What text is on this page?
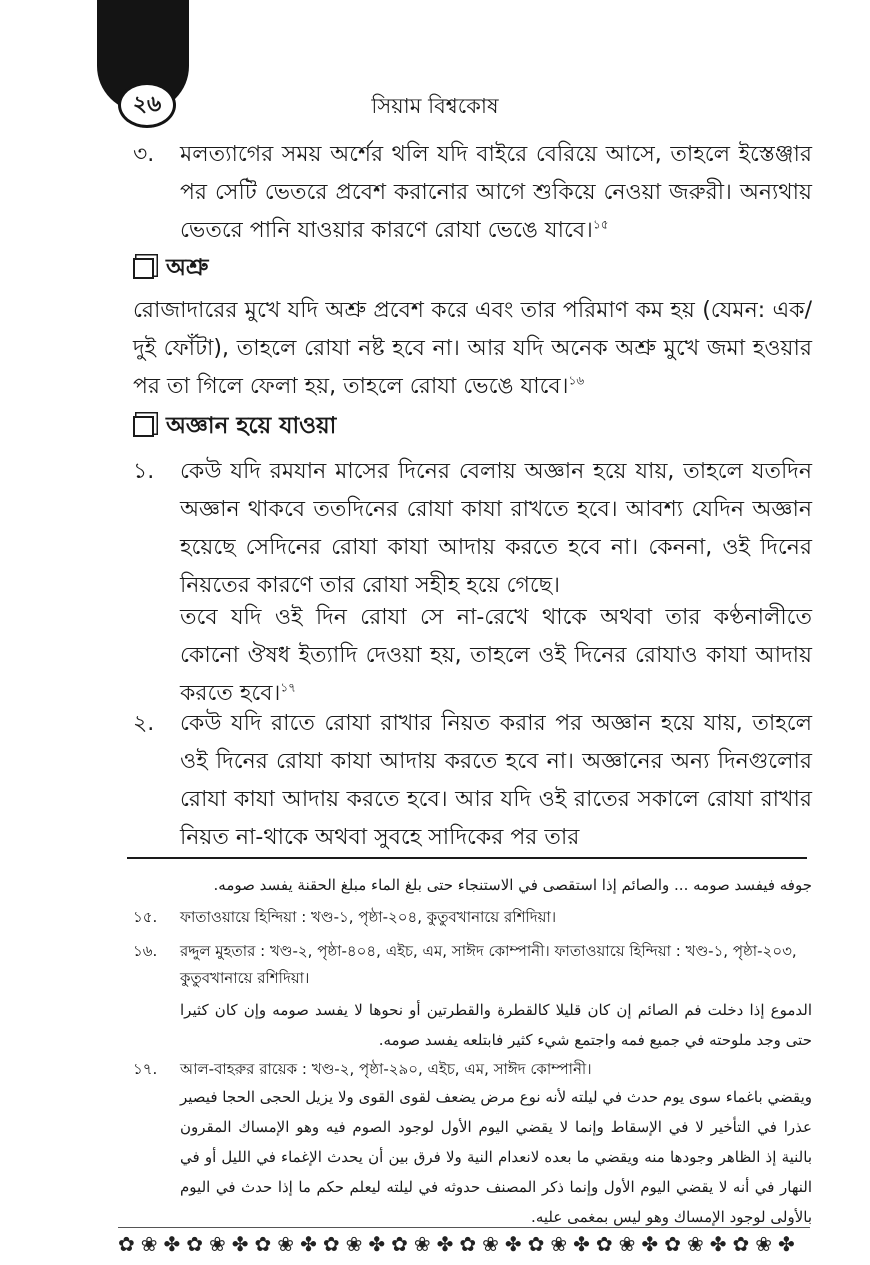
২৬	সিয়াম বিশ্বকোষ
৩. মলত্যাগের সময় অর্শের থলি যদি বাইরে বেরিয়ে আসে, তাহলে ইস্তেঞ্জার পর সেটি ভেতরে প্রবেশ করানোর আগে শুকিয়ে নেওয়া জরুরী। অন্যথায় ভেতরে পানি যাওয়ার কারণে রোযা ভেঙে যাবে।$^{১৫}$
অশ্রু
রোজাদারের মুখে যদি অশ্রু প্রবেশ করে এবং তার পরিমাণ কম হয় (যেমন: এক/দুই ফোঁটা), তাহলে রোযা নষ্ট হবে না। আর যদি অনেক অশ্রু মুখে জমা হওয়ার পর তা গিলে ফেলা হয়, তাহলে রোযা ভেঙে যাবে।$^{১৬}$
অজ্ঞান হয়ে যাওয়া
১. কেউ যদি রমযান মাসের দিনের বেলায় অজ্ঞান হয়ে যায়, তাহলে যতদিন অজ্ঞান থাকবে ততদিনের রোযা কাযা রাখতে হবে। আবশ্য যেদিন অজ্ঞান হয়েছে সেদিনের রোযা কাযা আদায় করতে হবে না। কেননা, ওই দিনের নিয়তের কারণে তার রোযা সহীহ হয়ে গেছে।
তবে যদি ওই দিন রোযা সে না-রেখে থাকে অথবা তার কণ্ঠনালীতে কোনো ঔষধ ইত্যাদি দেওয়া হয়, তাহলে ওই দিনের রোযাও কাযা আদায় করতে হবে।$^{১৭}$
২. কেউ যদি রাতে রোযা রাখার নিয়ত করার পর অজ্ঞান হয়ে যায়, তাহলে ওই দিনের রোযা কাযা আদায় করতে হবে না। অজ্ঞানের অন্য দিনগুলোর রোযা কাযা আদায় করতে হবে। আর যদি ওই রাতের সকালে রোযা রাখার নিয়ত না-থাকে অথবা সুবহে সাদিকের পর তার
جوفه فيفسد صومه ... والصائم إذا استقصى في الاستنجاء حتى بلغ الماء مبلغ الحقنة يفسد صومه.
১৫. ফাতাওয়ায়ে হিন্দিয়া : খণ্ড-১, পৃষ্ঠা-২০৪, কুতুবখানায়ে রশিদিয়া।
১৬. রদ্দুল মুহতার : খণ্ড-২, পৃষ্ঠা-৪০৪, এইচ, এম, সাঈদ কোম্পানী। ফাতাওয়ায়ে হিন্দিয়া : খণ্ড-১, পৃষ্ঠা-২০৩, কুতুবখানায়ে রশিদিয়া।
الدموع إذا دخلت فم الصائم إن كان قليلا كالقطرة والقطرتين أو نحوها لا يفسد صومه وإن كان كثيرا حتى وجد ملوحته في جميع فمه واجتمع شيء كثير فابتلعه يفسد صومه.
১৭. আল-বাহরুর রায়েক : খণ্ড-২, পৃষ্ঠা-২৯০, এইচ, এম, সাঈদ কোম্পানী।
ويقضي باغماء سوى يوم حدث في ليلته لأنه نوع مرض يضعف لقوى القوى ولا يزيل الحجى الحجا فيصير عذرا في التأخير لا في الإسقاط وإنما لا يقضي اليوم الأول لوجود الصوم فيه وهو الإمساك المقرون بالنية إذ الظاهر وجودها منه ويقضي ما بعده لانعدام النية ولا فرق بين أن يحدث الإغماء في الليل أو في النهار في أنه لا يقضي اليوم الأول وإنما ذكر المصنف حدوثه في ليلته ليعلم حكم ما إذا حدث في اليوم بالأولى لوجود الإمساك وهو ليس بمغمى عليه.
✿❀✤✿❀✤✿❀✤✿❀✤✿❀✤✿❀✤✿❀✤✿❀✤✿❀✤✿❀✤
